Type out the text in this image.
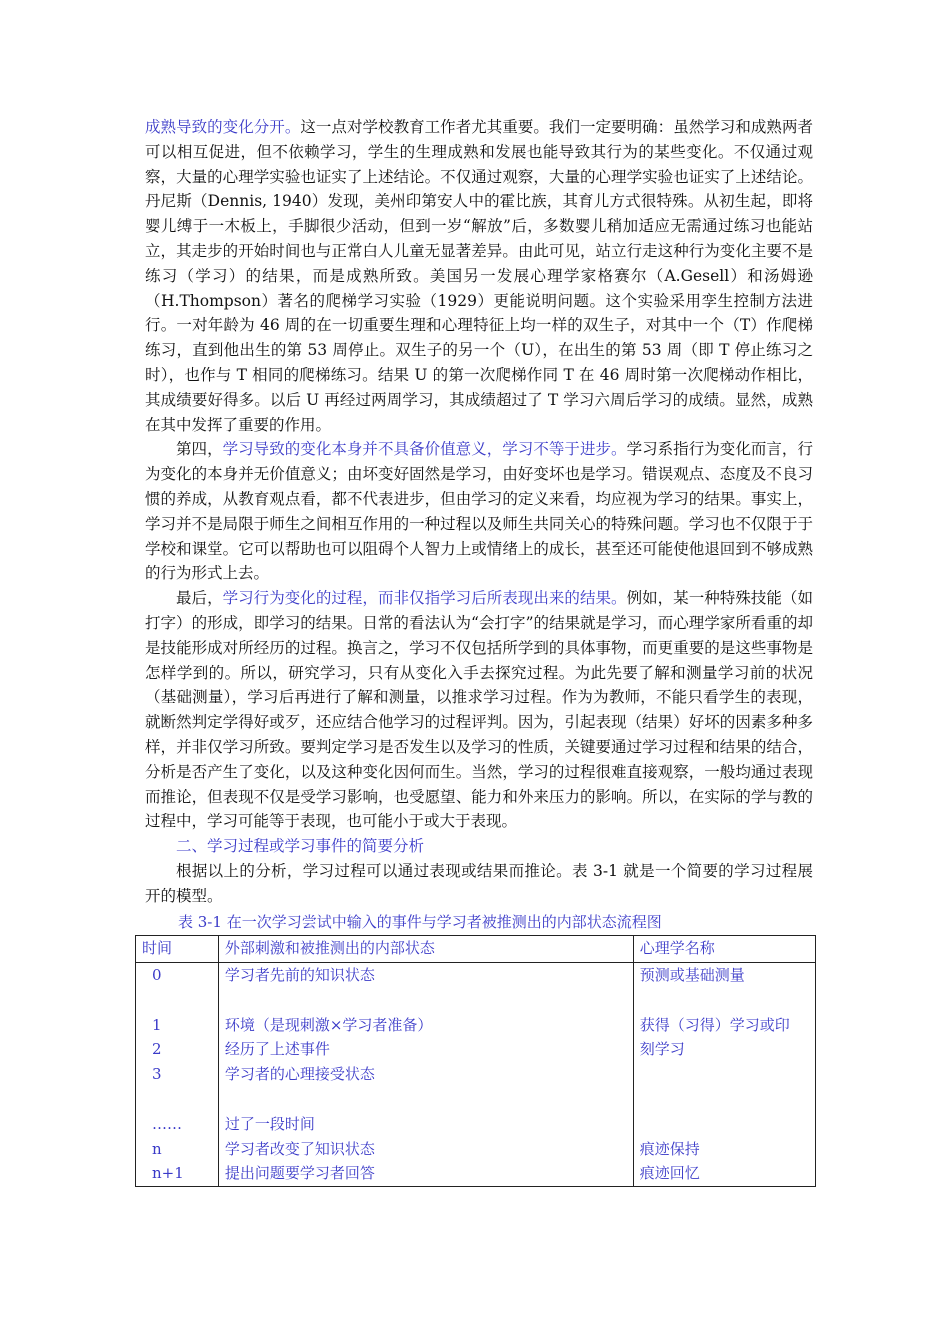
成熟导致的变化分开。这一点对学校教育工作者尤其重要。我们一定要明确：虽然学习和成熟两者可以相互促进，但不依赖学习，学生的生理成熟和发展也能导致其行为的某些变化。不仅通过观察，大量的心理学实验也证实了上述结论。不仅通过观察，大量的心理学实验也证实了上述结论。丹尼斯（Dennis, 1940）发现，美州印第安人中的霍比族，其育儿方式很特殊。从初生起，即将婴儿缚于一木板上，手脚很少活动，但到一岁“解放”后，多数婴儿稍加适应无需通过练习也能站立，其走步的开始时间也与正常白人儿童无显著差异。由此可见，站立行走这种行为变化主要不是练习（学习）的结果，而是成熟所致。美国另一发展心理学家格赛尔（A.Gesell）和汤姆逊（H.Thompson）著名的爬梯学习实验（1929）更能说明问题。这个实验采用孪生控制方法进行。一对年龄为 46 周的在一切重要生理和心理特征上均一样的双生子，对其中一个（T）作爬梯练习，直到他出生的第 53 周停止。双生子的另一个（U），在出生的第 53 周（即 T 停止练习之时），也作与 T 相同的爬梯练习。结果 U 的第一次爬梯作同 T 在 46 周时第一次爬梯动作相比，其成绩要好得多。以后 U 再经过两周学习，其成绩超过了 T 学习六周后学习的成绩。显然，成熟在其中发挥了重要的作用。

第四，学习导致的变化本身并不具备价值意义，学习不等于进步。学习系指行为变化而言，行为变化的本身并无价值意义；由坏变好固然是学习，由好变坏也是学习。错误观点、态度及不良习惯的养成，从教育观点看，都不代表进步，但由学习的定义来看，均应视为学习的结果。事实上，学习并不是局限于师生之间相互作用的一种过程以及师生共同关心的特殊问题。学习也不仅限于于学校和课堂。它可以帮助也可以阻碍个人智力上或情绪上的成长，甚至还可能使他退回到不够成熟的行为形式上去。

最后，学习行为变化的过程，而非仅指学习后所表现出来的结果。例如，某一种特殊技能（如打字）的形成，即学习的结果。日常的看法认为“会打字”的结果就是学习，而心理学家所看重的却是技能形成对所经历的过程。换言之，学习不仅包括所学到的具体事物，而更重要的是这些事物是怎样学到的。所以，研究学习，只有从变化入手去探究过程。为此先要了解和测量学习前的状况（基础测量），学习后再进行了解和测量，以推求学习过程。作为为教师，不能只看学生的表现，就断然判定学得好或歹，还应结合他学习的过程评判。因为，引起表现（结果）好坏的因素多种多样，并非仅学习所致。要判定学习是否发生以及学习的性质，关键要通过学习过程和结果的结合，分析是否产生了变化，以及这种变化因何而生。当然，学习的过程很难直接观察，一般均通过表现而推论，但表现不仅是受学习影响，也受愿望、能力和外来压力的影响。所以，在实际的学与教的过程中，学习可能等于表现，也可能小于或大于表现。

二、学习过程或学习事件的简要分析

根据以上的分析，学习过程可以通过表现或结果而推论。表 3-1 就是一个简要的学习过程展开的模型。

表 3-1 在一次学习尝试中输入的事件与学习者被推测出的内部状态流程图
时间	外部刺激和被推测出的内部状态	心理学名称
0	学习者先前的知识状态	预测或基础测量

1	环境（是现刺激×学习者准备）	获得（习得）学习或印
2	经历了上述事件	刻学习
3	学习者的心理接受状态	

……	过了一段时间	
n	学习者改变了知识状态	痕迹保持
n+1	提出问题要学习者回答	痕迹回忆
